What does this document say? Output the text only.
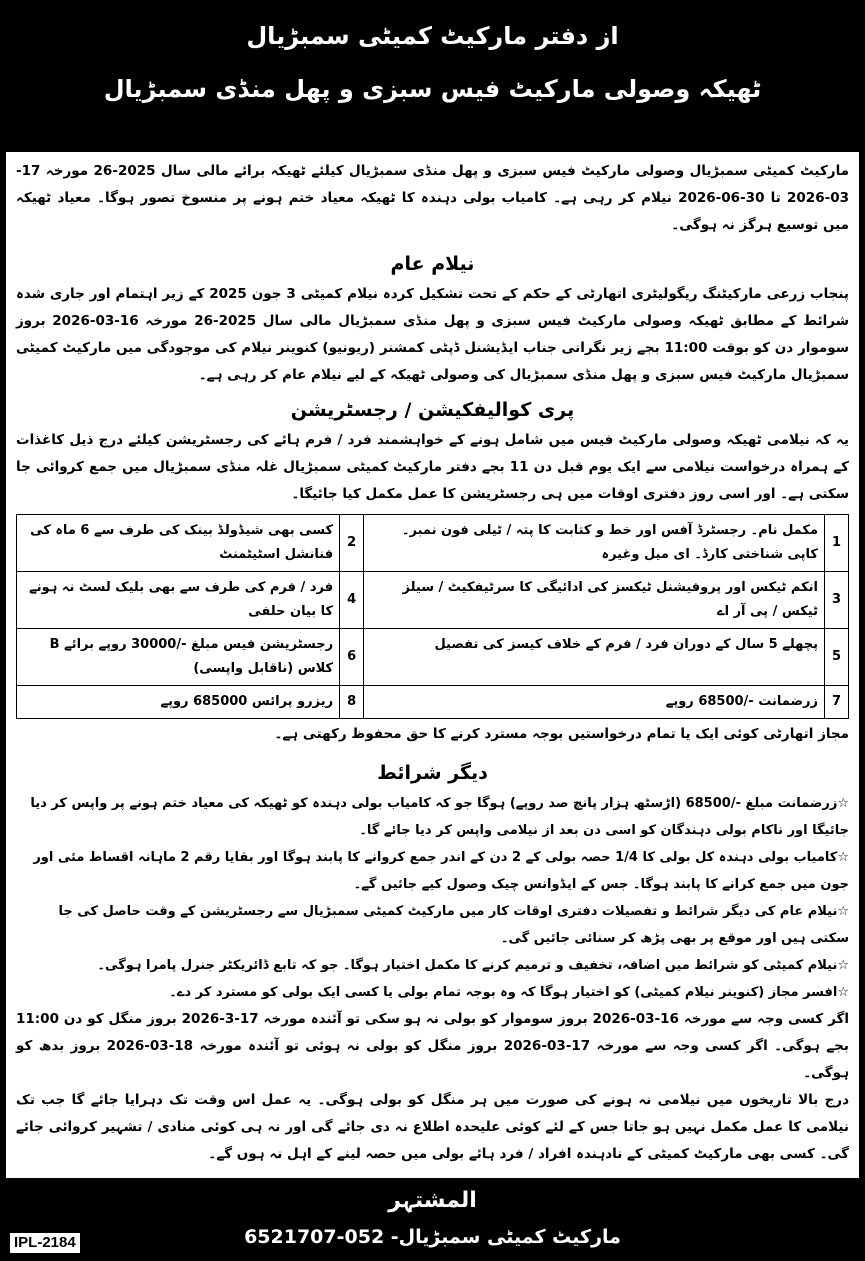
از دفتر مارکیٹ کمیٹی سمبڑیال
ٹھیکہ وصولی مارکیٹ فیس سبزی و پھل منڈی سمبڑیال

مارکیٹ کمیٹی سمبڑیال وصولی مارکیٹ فیس سبزی و پھل منڈی سمبڑیال کیلئے ٹھیکہ برائے مالی سال 2025-26 مورخہ 17-03-2026 تا 30-06-2026 نیلام کر رہی ہے۔ کامیاب بولی دہندہ کا ٹھیکہ معیاد ختم ہونے پر منسوخ تصور ہوگا۔ معیاد ٹھیکہ میں توسیع ہرگز نہ ہوگی۔

نیلام عام

پنجاب زرعی مارکیٹنگ ریگولیٹری اتھارٹی کے حکم کے تحت تشکیل کردہ نیلام کمیٹی 3 جون 2025 کے زیر اہتمام اور جاری شدہ شرائط کے مطابق ٹھیکہ وصولی مارکیٹ فیس سبزی و پھل منڈی سمبڑیال مالی سال 2025-26 مورخہ 16-03-2026 بروز سوموار دن کو بوقت 11:00 بجے زیر نگرانی جناب ایڈیشنل ڈپٹی کمشنر (ریونیو) کنوینر نیلام کی موجودگی میں مارکیٹ کمیٹی سمبڑیال مارکیٹ فیس سبزی و پھل منڈی سمبڑیال کی وصولی ٹھیکہ کے لیے نیلام عام کر رہی ہے۔

پری کوالیفکیشن / رجسٹریشن

یہ کہ نیلامی ٹھیکہ وصولی مارکیٹ فیس میں شامل ہونے کے خواہشمند فرد / فرم ہائے کی رجسٹریشن کیلئے درج ذیل کاغذات کے ہمراہ درخواست نیلامی سے ایک یوم قبل دن 11 بجے دفتر مارکیٹ کمیٹی سمبڑیال غلہ منڈی سمبڑیال میں جمع کروائی جا سکتی ہے۔ اور اسی روز دفتری اوقات میں ہی رجسٹریشن کا عمل مکمل کیا جائیگا۔

1	مکمل نام۔ رجسٹرڈ آفس اور خط و کتابت کا پتہ / ٹیلی فون نمبر۔ کاپی شناختی کارڈ۔ ای میل وغیرہ	2	کسی بھی شیڈولڈ بینک کی طرف سے 6 ماہ کی فنانشل اسٹیٹمنٹ
3	انکم ٹیکس اور پروفیشنل ٹیکسز کی ادائیگی کا سرٹیفکیٹ / سیلز ٹیکس / پی آر اے	4	فرد / فرم کی طرف سے بھی بلیک لسٹ نہ ہونے کا بیان حلفی
5	پچھلے 5 سال کے دوران فرد / فرم کے خلاف کیسز کی تفصیل	6	رجسٹریشن فیس مبلغ -/30000 روپے برائے B کلاس (ناقابل واپسی)
7	زرضمانت -/68500 روپے	8	ریزرو پرائس 685000 روپے

مجاز اتھارٹی کوئی ایک یا تمام درخواستیں بوجہ مسترد کرنے کا حق محفوظ رکھتی ہے۔

دیگر شرائط
☆زرضمانت مبلغ -/68500 (اڑسٹھ ہزار پانچ صد روپے) ہوگا جو کہ کامیاب بولی دہندہ کو ٹھیکہ کی معیاد ختم ہونے پر واپس کر دیا جائیگا اور ناکام بولی دہندگان کو اسی دن بعد از نیلامی واپس کر دیا جائے گا۔
☆کامیاب بولی دہندہ کل بولی کا 1/4 حصہ بولی کے 2 دن کے اندر جمع کروانے کا پابند ہوگا اور بقایا رقم 2 ماہانہ اقساط مئی اور جون میں جمع کرانے کا پابند ہوگا۔ جس کے ایڈوانس چیک وصول کیے جائیں گے۔
☆نیلام عام کی دیگر شرائط و تفصیلات دفتری اوقات کار میں مارکیٹ کمیٹی سمبڑیال سے رجسٹریشن کے وقت حاصل کی جا سکتی ہیں اور موقع پر بھی پڑھ کر سنائی جائیں گی۔
☆نیلام کمیٹی کو شرائط میں اضافہ، تخفیف و ترمیم کرنے کا مکمل اختیار ہوگا۔ جو کہ تابع ڈائریکٹر جنرل پامرا ہوگی۔
☆افسر مجاز (کنوینر نیلام کمیٹی) کو اختیار ہوگا کہ وہ بوجہ تمام بولی یا کسی ایک بولی کو مسترد کر دے۔

اگر کسی وجہ سے مورخہ 16-03-2026 بروز سوموار کو بولی نہ ہو سکی تو آئندہ مورخہ 17-3-2026 بروز منگل کو دن 11:00 بجے ہوگی۔ اگر کسی وجہ سے مورخہ 17-03-2026 بروز منگل کو بولی نہ ہوئی تو آئندہ مورخہ 18-03-2026 بروز بدھ کو ہوگی۔

درج بالا تاریخوں میں نیلامی نہ ہونے کی صورت میں ہر منگل کو بولی ہوگی۔ یہ عمل اس وقت تک دہرایا جائے گا جب تک نیلامی کا عمل مکمل نہیں ہو جاتا جس کے لئے کوئی علیحدہ اطلاع نہ دی جائے گی اور نہ ہی کوئی منادی / تشہیر کروائی جائے گی۔ کسی بھی مارکیٹ کمیٹی کے نادہندہ افراد / فرد ہائے بولی میں حصہ لینے کے اہل نہ ہوں گے۔

المشتہر
مارکیٹ کمیٹی سمبڑیال- 052-6521707
IPL-2184
